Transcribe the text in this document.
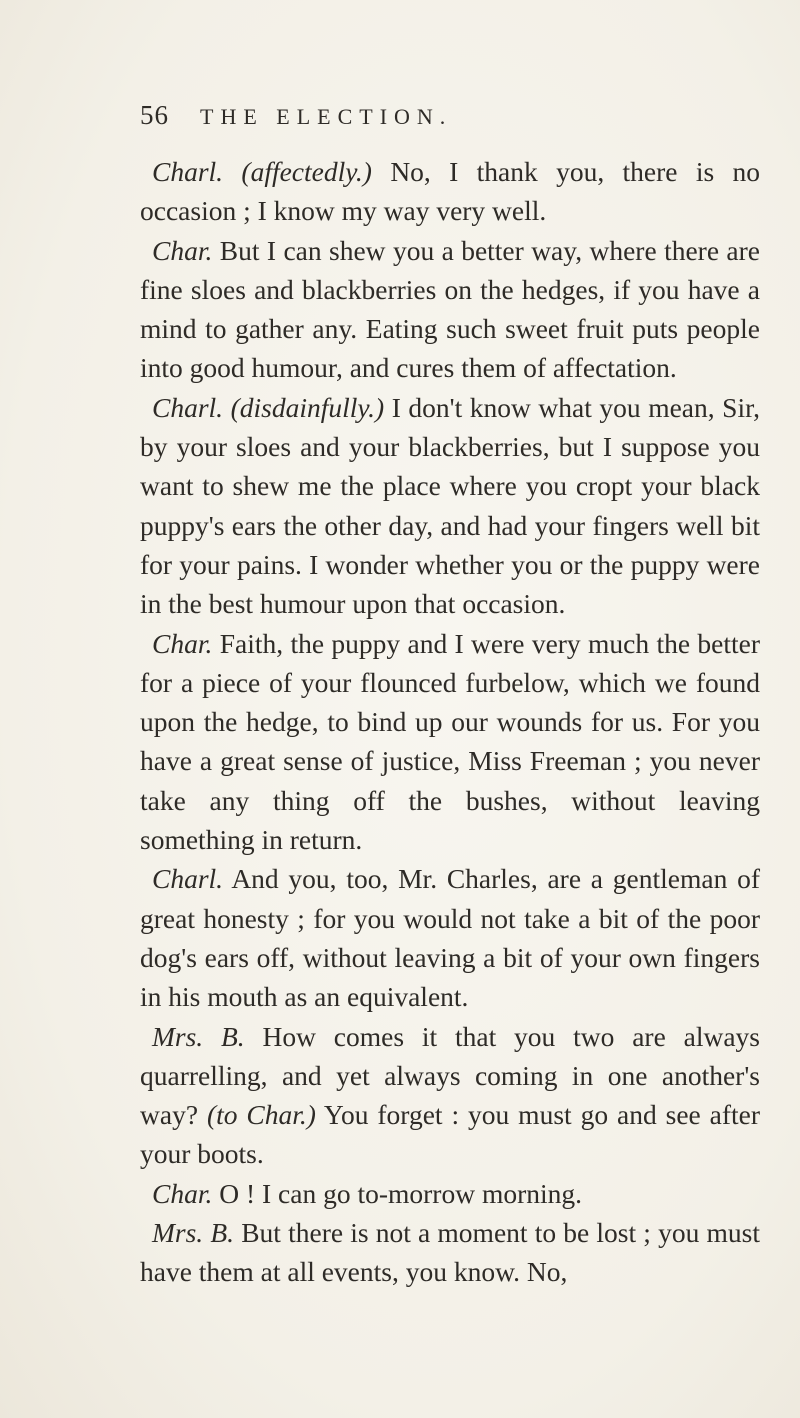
56 THE ELECTION.

Charl. (affectedly.) No, I thank you, there is no occasion ; I know my way very well.

Char. But I can shew you a better way, where there are fine sloes and blackberries on the hedges, if you have a mind to gather any. Eating such sweet fruit puts people into good humour, and cures them of affectation.

Charl. (disdainfully.) I don't know what you mean, Sir, by your sloes and your blackberries, but I suppose you want to shew me the place where you cropt your black puppy's ears the other day, and had your fingers well bit for your pains. I wonder whether you or the puppy were in the best humour upon that occasion.

Char. Faith, the puppy and I were very much the better for a piece of your flounced furbelow, which we found upon the hedge, to bind up our wounds for us. For you have a great sense of justice, Miss Freeman ; you never take any thing off the bushes, without leaving something in return.

Charl. And you, too, Mr. Charles, are a gentleman of great honesty ; for you would not take a bit of the poor dog's ears off, without leaving a bit of your own fingers in his mouth as an equivalent.

Mrs. B. How comes it that you two are always quarrelling, and yet always coming in one another's way? (to Char.) You forget : you must go and see after your boots.

Char. O ! I can go to-morrow morning.

Mrs. B. But there is not a moment to be lost ; you must have them at all events, you know. No,
